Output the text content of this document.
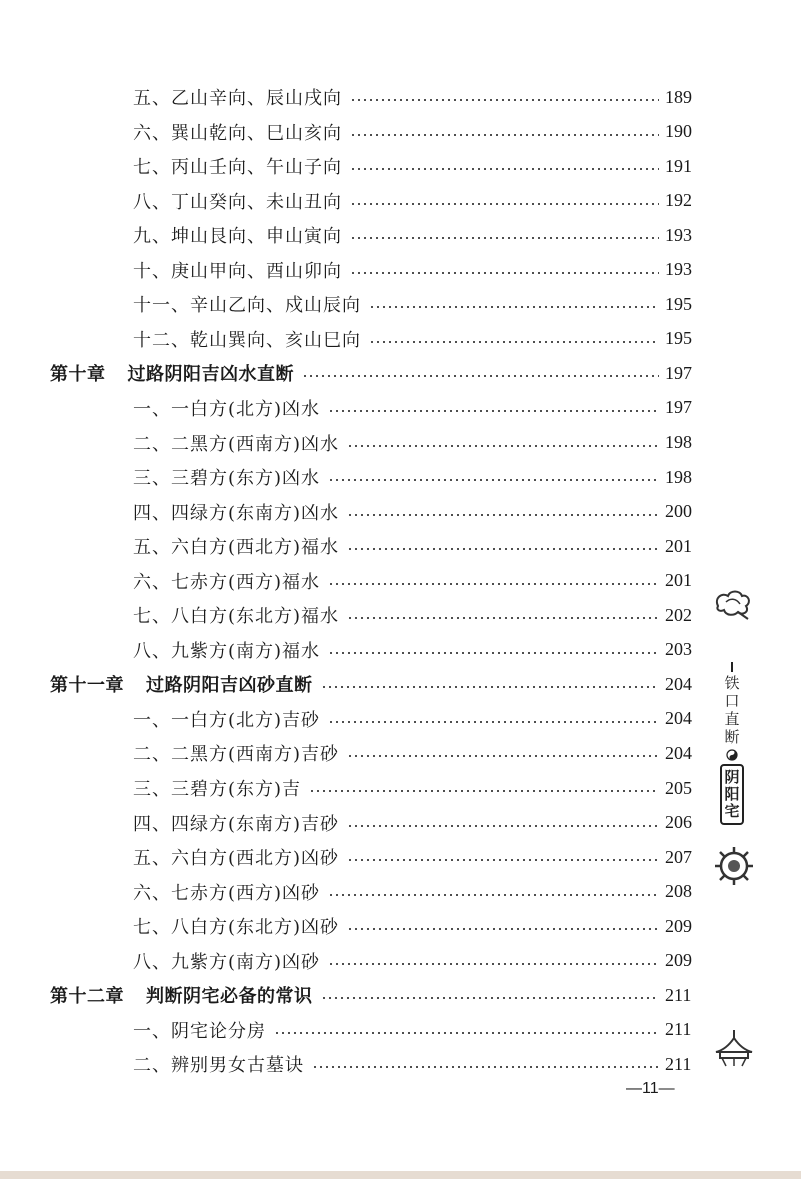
五、乙山辛向、辰山戌向	189
六、巽山乾向、巳山亥向	190
七、丙山壬向、午山子向	191
八、丁山癸向、未山丑向	192
九、坤山艮向、申山寅向	193
十、庚山甲向、酉山卯向	193
十一、辛山乙向、戍山辰向	195
十二、乾山巽向、亥山巳向	195
第十章 过路阴阳吉凶水直断	197
一、一白方(北方)凶水	197
二、二黑方(西南方)凶水	198
三、三碧方(东方)凶水	198
四、四绿方(东南方)凶水	200
五、六白方(西北方)福水	201
六、七赤方(西方)福水	201
七、八白方(东北方)福水	202
八、九紫方(南方)福水	203
第十一章 过路阴阳吉凶砂直断	204
一、一白方(北方)吉砂	204
二、二黑方(西南方)吉砂	204
三、三碧方(东方)吉	205
四、四绿方(东南方)吉砂	206
五、六白方(西北方)凶砂	207
六、七赤方(西方)凶砂	208
七、八白方(东北方)凶砂	209
八、九紫方(南方)凶砂	209
第十二章 判断阴宅必备的常识	211
一、阴宅论分房	211
二、辨别男女古墓诀	211
铁
口
直
断
阴
阳
宅
—11—
